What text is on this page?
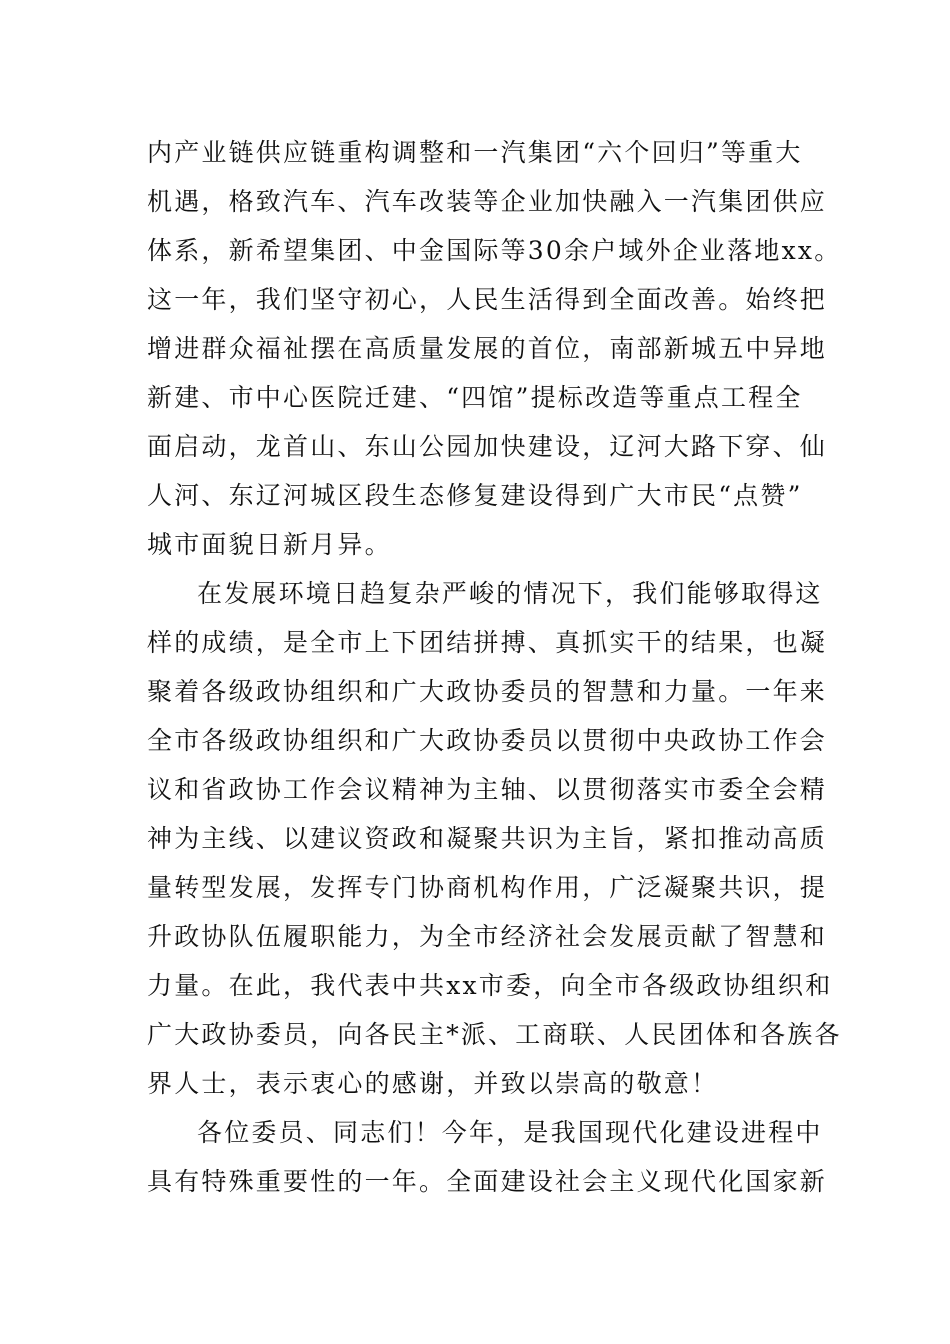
内产业链供应链重构调整和一汽集团“六个回归”等重大
机遇，格致汽车、汽车改装等企业加快融入一汽集团供应
体系，新希望集团、中金国际等30余户域外企业落地xx。
这一年，我们坚守初心，人民生活得到全面改善。始终把
增进群众福祉摆在高质量发展的首位，南部新城五中异地
新建、市中心医院迁建、“四馆”提标改造等重点工程全
面启动，龙首山、东山公园加快建设，辽河大路下穿、仙
人河、东辽河城区段生态修复建设得到广大市民“点赞”
城市面貌日新月异。
在发展环境日趋复杂严峻的情况下，我们能够取得这
样的成绩，是全市上下团结拼搏、真抓实干的结果，也凝
聚着各级政协组织和广大政协委员的智慧和力量。一年来
全市各级政协组织和广大政协委员以贯彻中央政协工作会
议和省政协工作会议精神为主轴、以贯彻落实市委全会精
神为主线、以建议资政和凝聚共识为主旨，紧扣推动高质
量转型发展，发挥专门协商机构作用，广泛凝聚共识，提
升政协队伍履职能力，为全市经济社会发展贡献了智慧和
力量。在此，我代表中共xx市委，向全市各级政协组织和
广大政协委员，向各民主*派、工商联、人民团体和各族各
界人士，表示衷心的感谢，并致以崇高的敬意！
各位委员、同志们！今年，是我国现代化建设进程中
具有特殊重要性的一年。全面建设社会主义现代化国家新
